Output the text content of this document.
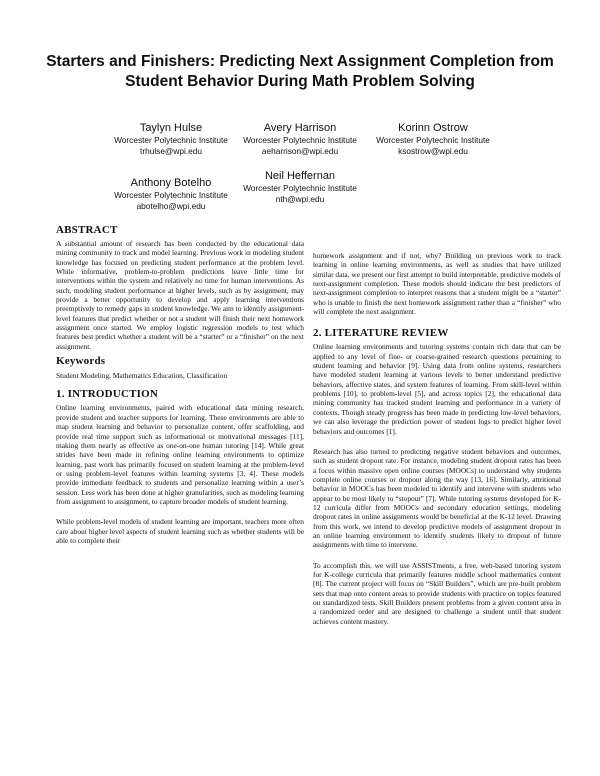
Starters and Finishers: Predicting Next Assignment Completion from Student Behavior During Math Problem Solving
Taylyn Hulse
Worcester Polytechnic Institute
trhulse@wpi.edu
Avery Harrison
Worcester Polytechnic Institute
aeharrison@wpi.edu
Korinn Ostrow
Worcester Polytechnic Institute
ksostrow@wpi.edu
Anthony Botelho
Worcester Polytechnic Institute
abotelho@wpi.edu
Neil Heffernan
Worcester Polytechnic Institute
nth@wpi.edu
ABSTRACT

A substantial amount of research has been conducted by the educational data mining community to track and model learning. Previous work in modeling student knowledge has focused on predicting student performance at the problem level. While informative, problem-to-problem predictions leave little time for interventions within the system and relatively no time for human interventions. As such, modeling student performance at higher levels, such as by assignment, may provide a better opportunity to develop and apply learning interventions preemptively to remedy gaps in student knowledge. We aim to identify assignment-level features that predict whether or not a student will finish their next homework assignment once started. We employ logistic regression models to test which features best predict whether a student will be a “starter” or a “finisher” on the next assignment.

Keywords

Student Modeling, Mathematics Education, Classification

1. INTRODUCTION

Online learning environments, paired with educational data mining research, provide student and teacher supports for learning. These environments are able to map student learning and behavior to personalize content, offer scaffolding, and provide real time support such as informational or motivational messages [11], making them nearly as effective as one-on-one human tutoring [14]. While great strides have been made in refining online learning environments to optimize learning, past work has primarily focused on student learning at the problem-level or using problem-level features within learning systems [3, 4]. These models provide immediate feedback to students and personalize learning within a user’s session. Less work has been done at higher granularities, such as modeling learning from assignment to assignment, to capture broader models of student learning.

While problem-level models of student learning are important, teachers more often care about higher level aspects of student learning such as whether students will be able to complete their

homework assignment and if not, why? Building on previous work to track learning in online learning environments, as well as studies that have utilized similar data, we present our first attempt to build interpretable, predictive models of next-assignment completion. These models should indicate the best predictors of next-assignment completion to interpret reasons that a student might be a “starter” who is unable to finish the next homework assignment rather than a “finisher” who will complete the next assignment.

2. LITERATURE REVIEW

Online learning environments and tutoring systems contain rich data that can be applied to any level of fine- or coarse-grained research questions pertaining to student learning and behavior [9]. Using data from online systems, researchers have modeled student learning at various levels to better understand predictive behaviors, affective states, and system features of learning. From skill-level within problems [10], to problem-level [5], and across topics [2], the educational data mining community has tracked student learning and performance in a variety of contexts. Though steady progress has been made in predicting low-level behaviors, we can also leverage the prediction power of student logs to predict higher level behaviors and outcomes [1].

Research has also turned to predicting negative student behaviors and outcomes, such as student dropout rate. For instance, modeling student dropout rates has been a focus within massive open online courses (MOOCs) to understand why students complete online courses or dropout along the way [13, 16]. Similarly, attritional behavior in MOOCs has been modeled to identify and intervene with students who appear to be most likely to “stopout” [7]. While tutoring systems developed for K-12 curricula differ from MOOCs and secondary education settings, modeling dropout rates in online assignments would be beneficial at the K-12 level. Drawing from this work, we intend to develop predictive models of assignment dropout in an online learning environment to identify students likely to dropout of future assignments with time to intervene.

To accomplish this, we will use ASSISTments, a free, web-based tutoring system for K-college curricula that primarily features middle school mathematics content [8]. The current project will focus on “Skill Builders”, which are pre-built problem sets that map onto content areas to provide students with practice on topics featured on standardized tests. Skill Builders present problems from a given content area in a randomized order and are designed to challenge a student until that student achieves content mastery.
